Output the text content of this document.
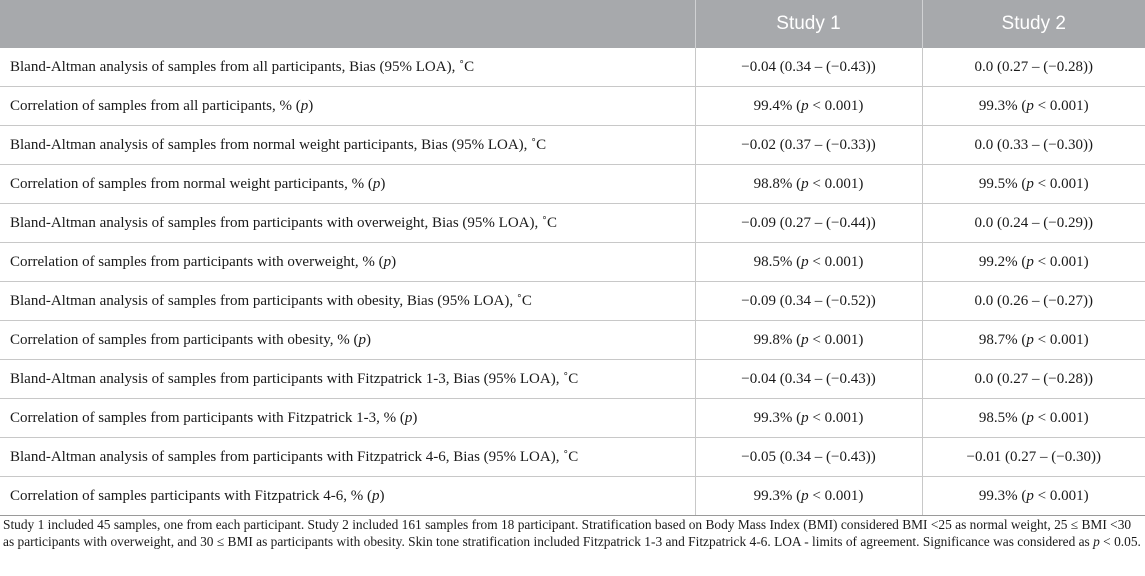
	Study 1	Study 2
Bland-Altman analysis of samples from all participants, Bias (95% LOA), ˚C	−0.04 (0.34 – (−0.43))	0.0 (0.27 – (−0.28))
Correlation of samples from all participants, % (p)	99.4% (p < 0.001)	99.3% (p < 0.001)
Bland-Altman analysis of samples from normal weight participants, Bias (95% LOA), ˚C	−0.02 (0.37 – (−0.33))	0.0 (0.33 – (−0.30))
Correlation of samples from normal weight participants, % (p)	98.8% (p < 0.001)	99.5% (p < 0.001)
Bland-Altman analysis of samples from participants with overweight, Bias (95% LOA), ˚C	−0.09 (0.27 – (−0.44))	0.0 (0.24 – (−0.29))
Correlation of samples from participants with overweight, % (p)	98.5% (p < 0.001)	99.2% (p < 0.001)
Bland-Altman analysis of samples from participants with obesity, Bias (95% LOA), ˚C	−0.09 (0.34 – (−0.52))	0.0 (0.26 – (−0.27))
Correlation of samples from participants with obesity, % (p)	99.8% (p < 0.001)	98.7% (p < 0.001)
Bland-Altman analysis of samples from participants with Fitzpatrick 1-3, Bias (95% LOA), ˚C	−0.04 (0.34 – (−0.43))	0.0 (0.27 – (−0.28))
Correlation of samples from participants with Fitzpatrick 1-3, % (p)	99.3% (p < 0.001)	98.5% (p < 0.001)
Bland-Altman analysis of samples from participants with Fitzpatrick 4-6, Bias (95% LOA), ˚C	−0.05 (0.34 – (−0.43))	−0.01 (0.27 – (−0.30))
Correlation of samples participants with Fitzpatrick 4-6, % (p)	99.3% (p < 0.001)	99.3% (p < 0.001)
Study 1 included 45 samples, one from each participant. Study 2 included 161 samples from 18 participant. Stratification based on Body Mass Index (BMI) considered BMI <25 as normal weight, 25 ≤ BMI <30 as participants with overweight, and 30 ≤ BMI as participants with obesity. Skin tone stratification included Fitzpatrick 1-3 and Fitzpatrick 4-6. LOA - limits of agreement. Significance was considered as p < 0.05.
